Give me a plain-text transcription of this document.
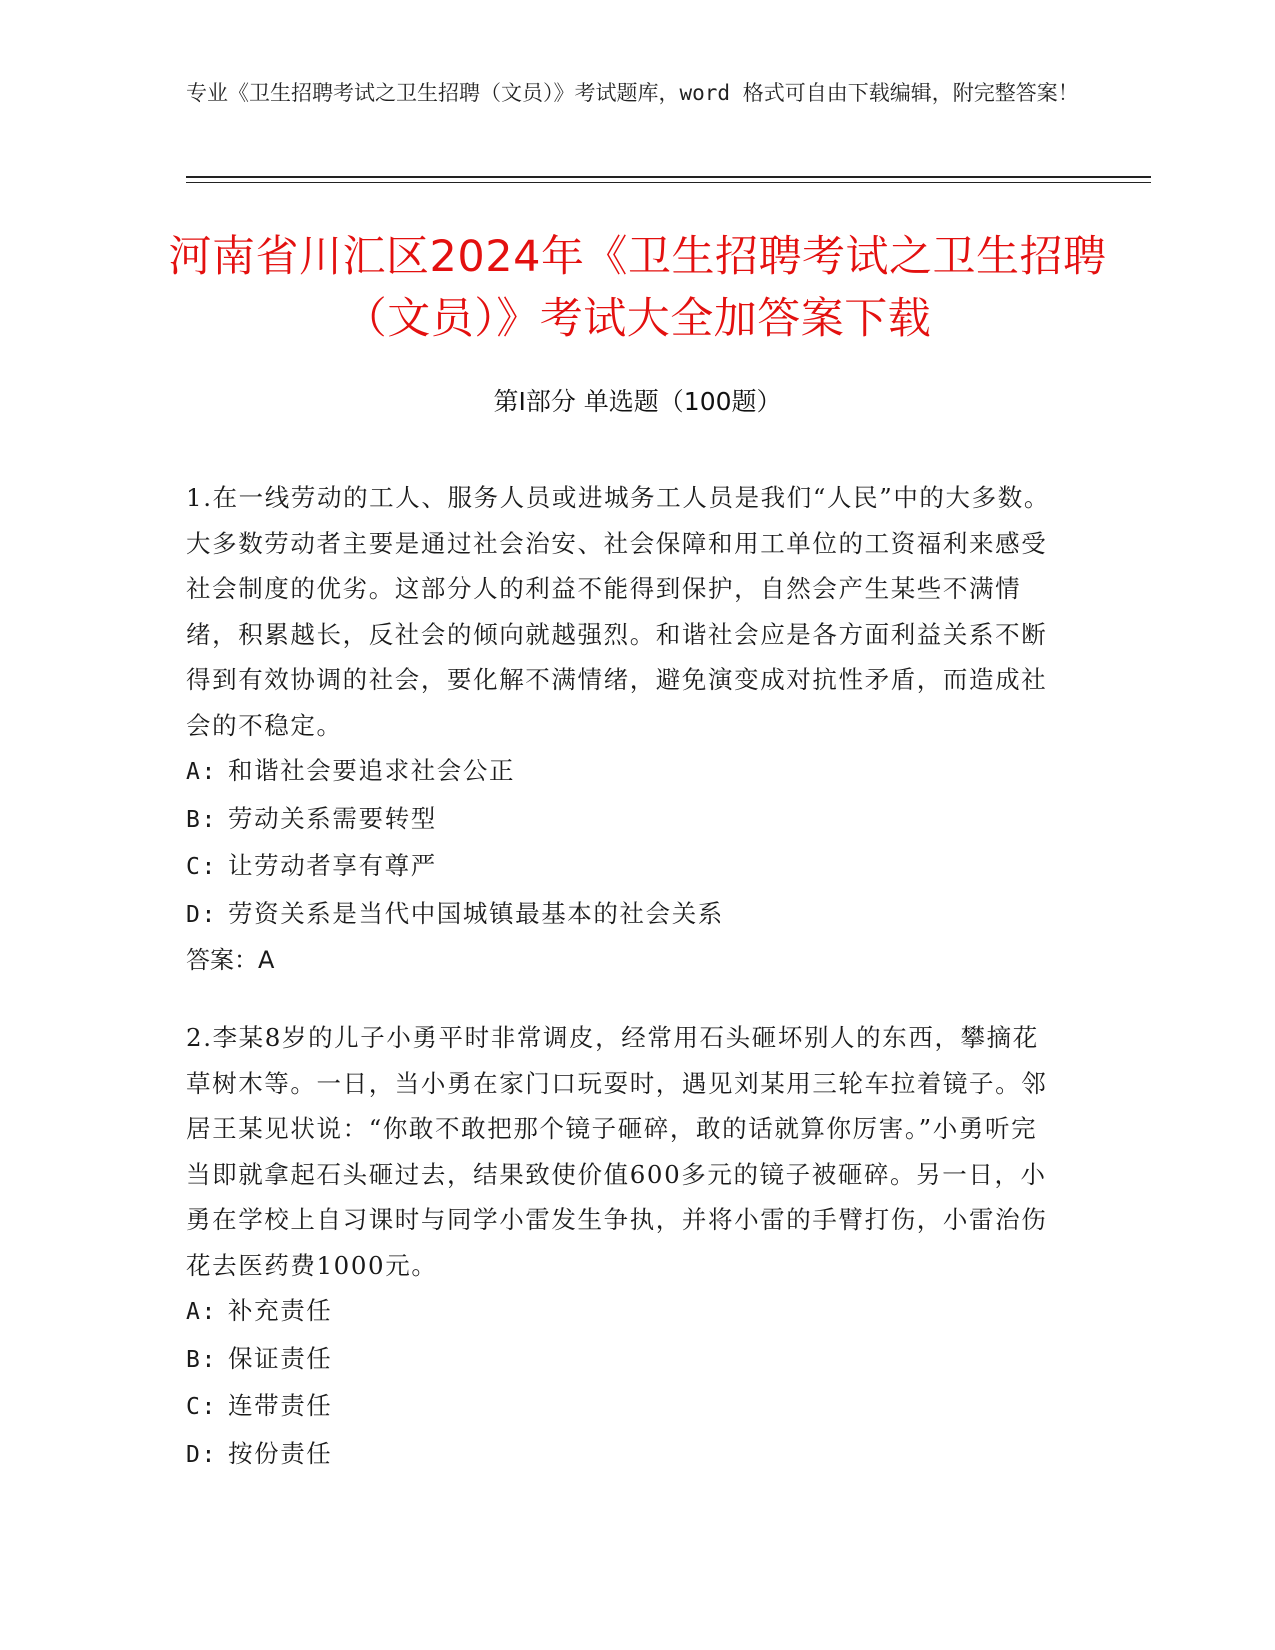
专业《卫生招聘考试之卫生招聘（文员）》考试题库，word 格式可自由下载编辑，附完整答案！
河南省川汇区2024年《卫生招聘考试之卫生招聘（文员）》考试大全加答案下载
第Ⅰ部分 单选题（100题）

1.在一线劳动的工人、服务人员或进城务工人员是我们“人民”中的大多数。大多数劳动者主要是通过社会治安、社会保障和用工单位的工资福利来感受社会制度的优劣。这部分人的利益不能得到保护，自然会产生某些不满情绪，积累越长，反社会的倾向就越强烈。和谐社会应是各方面利益关系不断得到有效协调的社会，要化解不满情绪，避免演变成对抗性矛盾，而造成社会的不稳定。

A: 和谐社会要追求社会公正

B: 劳动关系需要转型

C: 让劳动者享有尊严

D: 劳资关系是当代中国城镇最基本的社会关系

答案：A

2.李某8岁的儿子小勇平时非常调皮，经常用石头砸坏别人的东西，攀摘花草树木等。一日，当小勇在家门口玩耍时，遇见刘某用三轮车拉着镜子。邻居王某见状说：“你敢不敢把那个镜子砸碎，敢的话就算你厉害。”小勇听完当即就拿起石头砸过去，结果致使价值600多元的镜子被砸碎。另一日，小勇在学校上自习课时与同学小雷发生争执，并将小雷的手臂打伤，小雷治伤花去医药费1000元。

A: 补充责任

B: 保证责任

C: 连带责任

D: 按份责任
